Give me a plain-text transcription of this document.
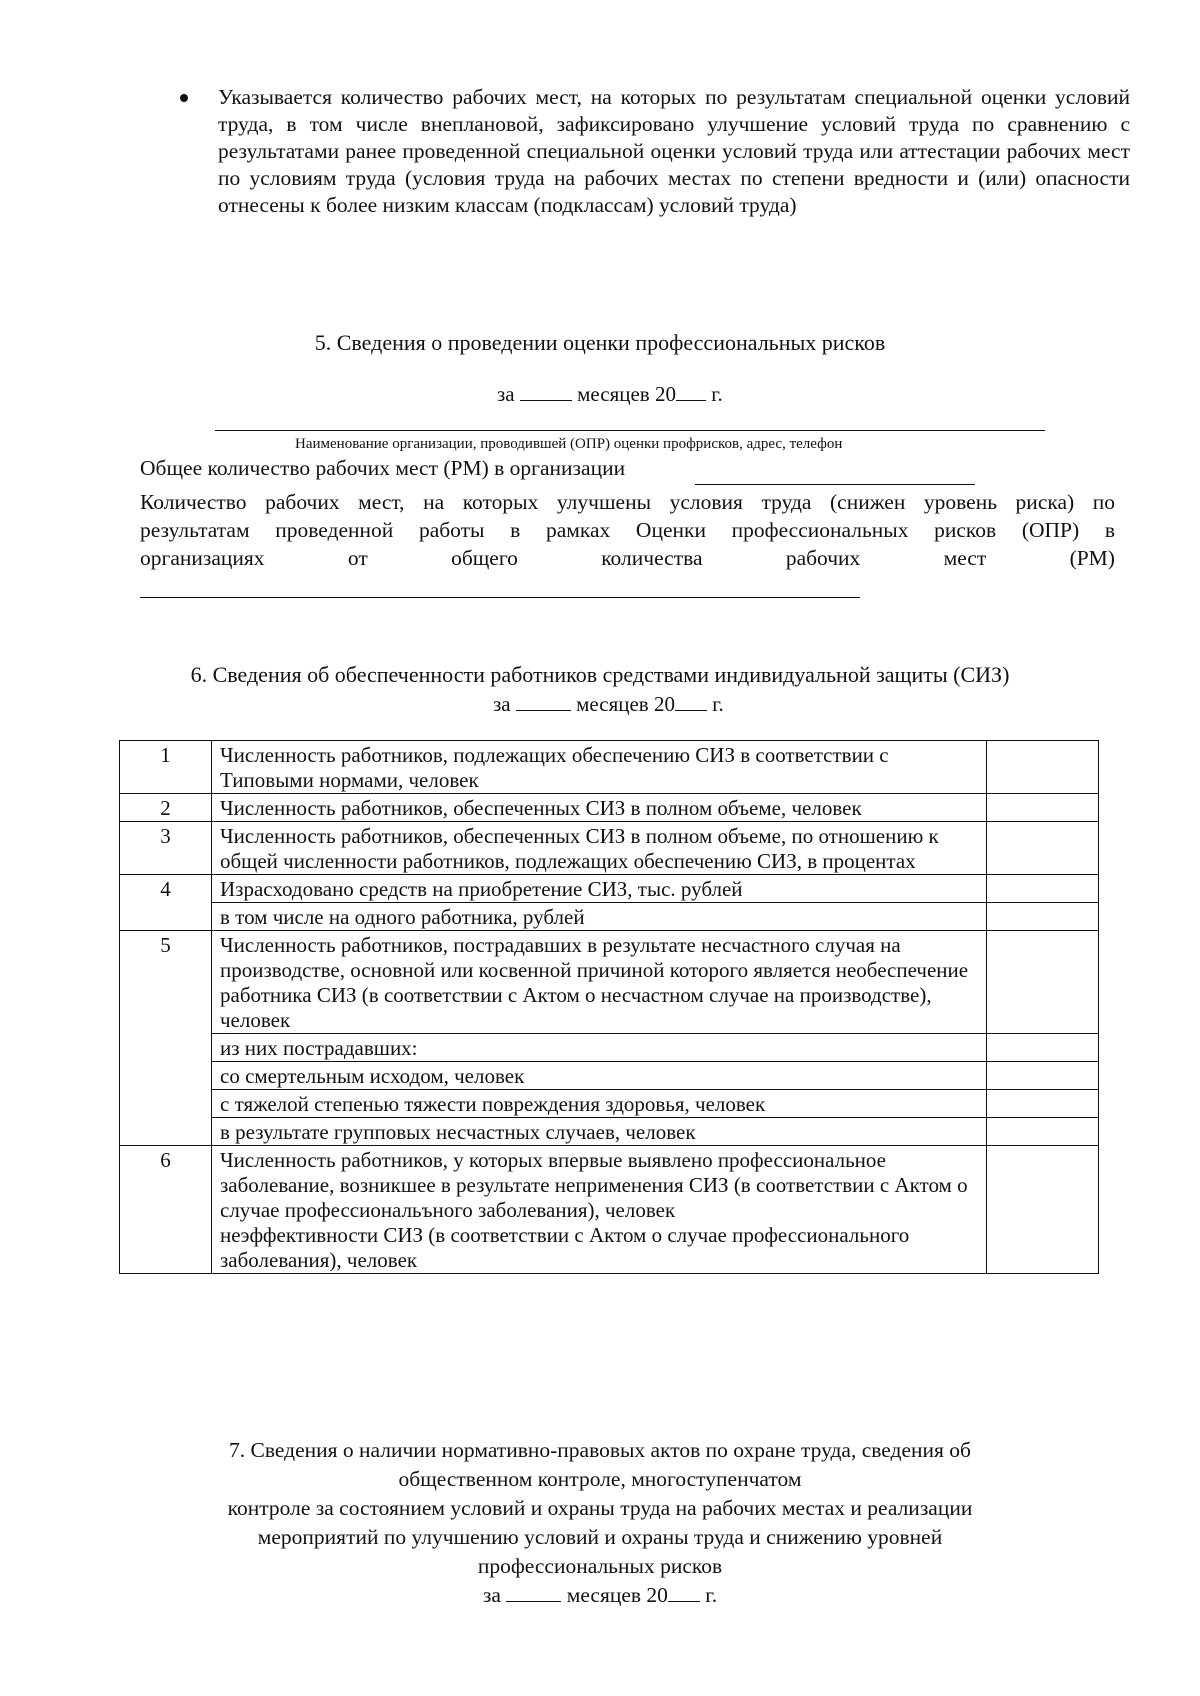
Указывается количество рабочих мест, на которых по результатам специальной оценки условий труда, в том числе внеплановой, зафиксировано улучшение условий труда по сравнению с результатами ранее проведенной специальной оценки условий труда или аттестации рабочих мест по условиям труда (условия труда на рабочих местах по степени вредности и (или) опасности отнесены к более низким классам (подклассам) условий труда)
5. Сведения о проведении оценки профессиональных рисков
за	месяцев 20 г.
Наименование организации, проводившей (ОПР) оценки профрисков, адрес, телефон
Общее количество рабочих мест (РМ) в организации
Количество рабочих мест, на которых улучшены условия труда (снижен уровень риска) по
результатам проведенной работы в рамках Оценки профессиональных рисков (ОПР) в
организациях	от	общего	количества	рабочих	мест	(РМ)
6. Сведения об обеспеченности работников средствами индивидуальной защиты (СИЗ)
за	месяцев 20 г.
1	Численность работников, подлежащих обеспечению СИЗ в соответствии с Типовыми нормами, человек	
2	Численность работников, обеспеченных СИЗ в полном объеме, человек	
3	Численность работников, обеспеченных СИЗ в полном объеме, по отношению к общей численности работников, подлежащих обеспечению СИЗ, в процентах	
4	Израсходовано средств на приобретение СИЗ, тыс. рублей	
	в том числе на одного работника, рублей	
5	Численность работников, пострадавших в результате несчастного случая на производстве, основной или косвенной причиной которого является необеспечение работника СИЗ (в соответствии с Актом о несчастном случае на производстве), человек	
	из них пострадавших:	
	со смертельным исходом, человек	
	с тяжелой степенью тяжести повреждения здоровья, человек	
	в результате групповых несчастных случаев, человек	
6	Численность работников, у которых впервые выявлено профессиональное заболевание, возникшее в результате неприменения СИЗ (в соответствии с Актом о случае профессиональъного заболевания), человек
неэффективности СИЗ (в соответствии с Актом о случае профессионального заболевания), человек	

7. Сведения о наличии нормативно-правовых актов по охране труда, сведения об
общественном контроле, многоступенчатом
контроле за состоянием условий и охраны труда на рабочих местах и реализации
мероприятий по улучшению условий и охраны труда и снижению уровней
профессиональных рисков
за	месяцев 20 г.
